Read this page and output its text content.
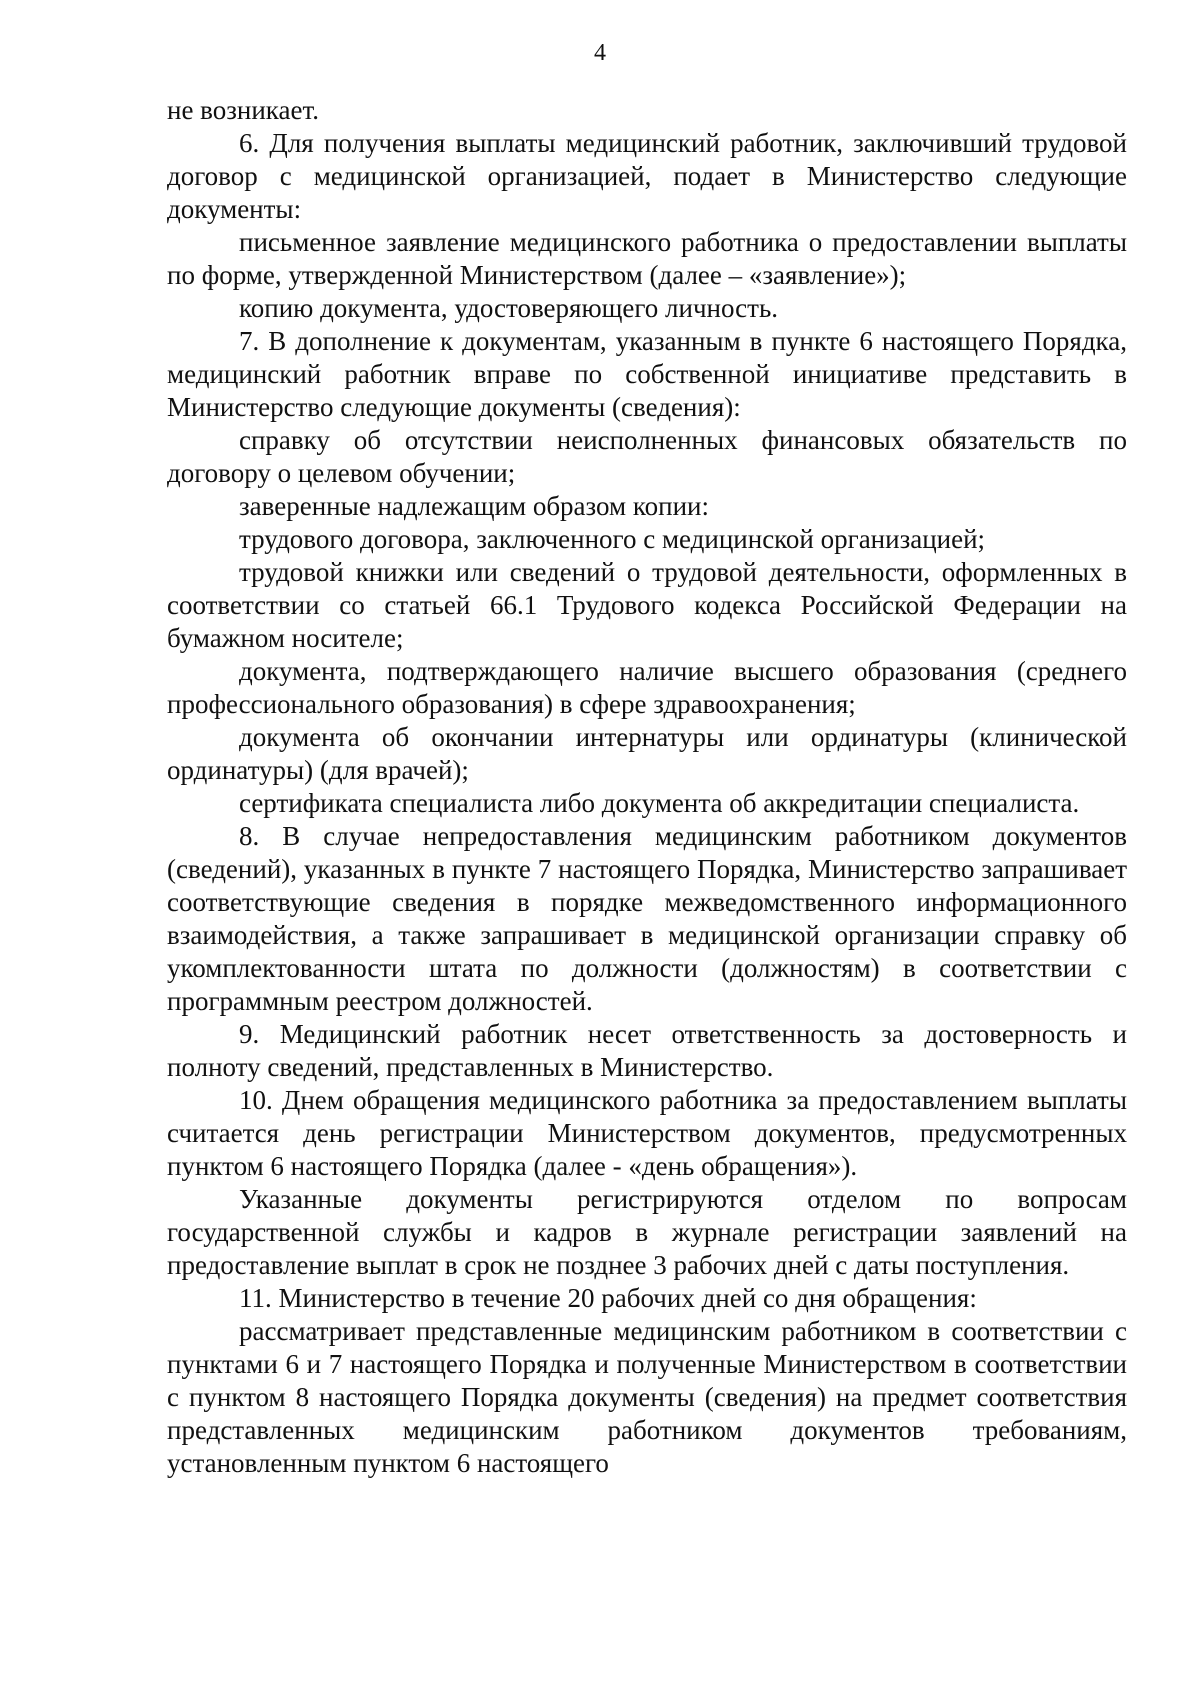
4

не возникает.

6. Для получения выплаты медицинский работник, заключивший трудовой договор с медицинской организацией, подает в Министерство следующие документы:

письменное заявление медицинского работника о предоставлении выплаты по форме, утвержденной Министерством (далее – «заявление»);

копию документа, удостоверяющего личность.

7. В дополнение к документам, указанным в пункте 6 настоящего Порядка, медицинский работник вправе по собственной инициативе представить в Министерство следующие документы (сведения):

справку об отсутствии неисполненных финансовых обязательств по договору о целевом обучении;

заверенные надлежащим образом копии:

трудового договора, заключенного с медицинской организацией;

трудовой книжки или сведений о трудовой деятельности, оформленных в соответствии со статьей 66.1 Трудового кодекса Российской Федерации на бумажном носителе;

документа, подтверждающего наличие высшего образования (среднего профессионального образования) в сфере здравоохранения;

документа об окончании интернатуры или ординатуры (клинической ординатуры) (для врачей);

сертификата специалиста либо документа об аккредитации специалиста.

8. В случае непредоставления медицинским работником документов (сведений), указанных в пункте 7 настоящего Порядка, Министерство запрашивает соответствующие сведения в порядке межведомственного информационного взаимодействия, а также запрашивает в медицинской организации справку об укомплектованности штата по должности (должностям) в соответствии с программным реестром должностей.

9. Медицинский работник несет ответственность за достоверность и полноту сведений, представленных в Министерство.

10. Днем обращения медицинского работника за предоставлением выплаты считается день регистрации Министерством документов, предусмотренных пунктом 6 настоящего Порядка (далее - «день обращения»).

Указанные документы регистрируются отделом по вопросам государственной службы и кадров в журнале регистрации заявлений на предоставление выплат в срок не позднее 3 рабочих дней с даты поступления.

11. Министерство в течение 20 рабочих дней со дня обращения:

рассматривает представленные медицинским работником в соответствии с пунктами 6 и 7 настоящего Порядка и полученные Министерством в соответствии с пунктом 8 настоящего Порядка документы (сведения) на предмет соответствия представленных медицинским работником документов требованиям, установленным пунктом 6 настоящего
